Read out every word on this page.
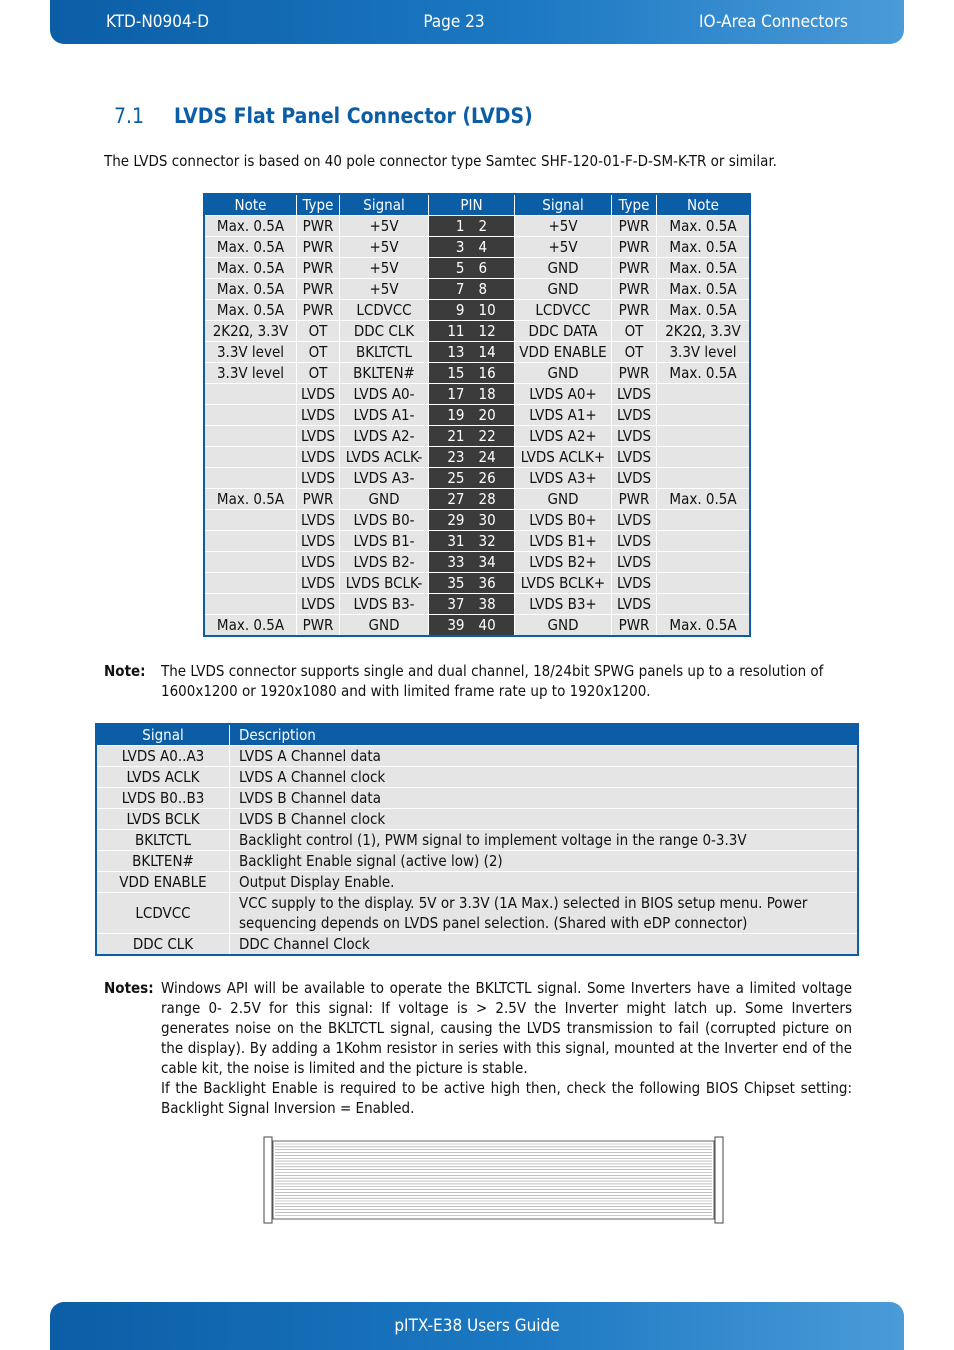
KTD-N0904-D	Page 23	IO-Area Connectors
7.1 LVDS Flat Panel Connector (LVDS)
The LVDS connector is based on 40 pole connector type Samtec SHF-120-01-F-D-SM-K-TR or similar.
Note	Type	Signal	PIN		Signal	Type	Note
Max. 0.5A	PWR	+5V	1	2	+5V	PWR	Max. 0.5A
Max. 0.5A	PWR	+5V	3	4	+5V	PWR	Max. 0.5A
Max. 0.5A	PWR	+5V	5	6	GND	PWR	Max. 0.5A
Max. 0.5A	PWR	+5V	7	8	GND	PWR	Max. 0.5A
Max. 0.5A	PWR	LCDVCC	9	10	LCDVCC	PWR	Max. 0.5A
2K2Ω, 3.3V	OT	DDC CLK	11	12	DDC DATA	OT	2K2Ω, 3.3V
3.3V level	OT	BKLTCTL	13	14	VDD ENABLE	OT	3.3V level
3.3V level	OT	BKLTEN#	15	16	GND	PWR	Max. 0.5A
	LVDS	LVDS A0-	17	18	LVDS A0+	LVDS	
	LVDS	LVDS A1-	19	20	LVDS A1+	LVDS	
	LVDS	LVDS A2-	21	22	LVDS A2+	LVDS	
	LVDS	LVDS ACLK-	23	24	LVDS ACLK+	LVDS	
	LVDS	LVDS A3-	25	26	LVDS A3+	LVDS	
Max. 0.5A	PWR	GND	27	28	GND	PWR	Max. 0.5A
	LVDS	LVDS B0-	29	30	LVDS B0+	LVDS	
	LVDS	LVDS B1-	31	32	LVDS B1+	LVDS	
	LVDS	LVDS B2-	33	34	LVDS B2+	LVDS	
	LVDS	LVDS BCLK-	35	36	LVDS BCLK+	LVDS	
	LVDS	LVDS B3-	37	38	LVDS B3+	LVDS	
Max. 0.5A	PWR	GND	39	40	GND	PWR	Max. 0.5A
Note: The LVDS connector supports single and dual channel, 18/24bit SPWG panels up to a resolution of 1600x1200 or 1920x1080 and with limited frame rate up to 1920x1200.
Signal	Description
LVDS A0..A3	LVDS A Channel data
LVDS ACLK	LVDS A Channel clock
LVDS B0..B3	LVDS B Channel data
LVDS BCLK	LVDS B Channel clock
BKLTCTL	Backlight control (1), PWM signal to implement voltage in the range 0-3.3V
BKLTEN#	Backlight Enable signal (active low) (2)
VDD ENABLE	Output Display Enable.
LCDVCC	VCC supply to the display. 5V or 3.3V (1A Max.) selected in BIOS setup menu. Power sequencing depends on LVDS panel selection. (Shared with eDP connector)
DDC CLK	DDC Channel Clock
Notes: Windows API will be available to operate the BKLTCTL signal. Some Inverters have a limited voltage range 0- 2.5V for this signal: If voltage is > 2.5V the Inverter might latch up. Some Inverters generates noise on the BKLTCTL signal, causing the LVDS transmission to fail (corrupted picture on the display). By adding a 1Kohm resistor in series with this signal, mounted at the Inverter end of the cable kit, the noise is limited and the picture is stable.
If the Backlight Enable is required to be active high then, check the following BIOS Chipset setting: Backlight Signal Inversion = Enabled.
pITX-E38 Users Guide
